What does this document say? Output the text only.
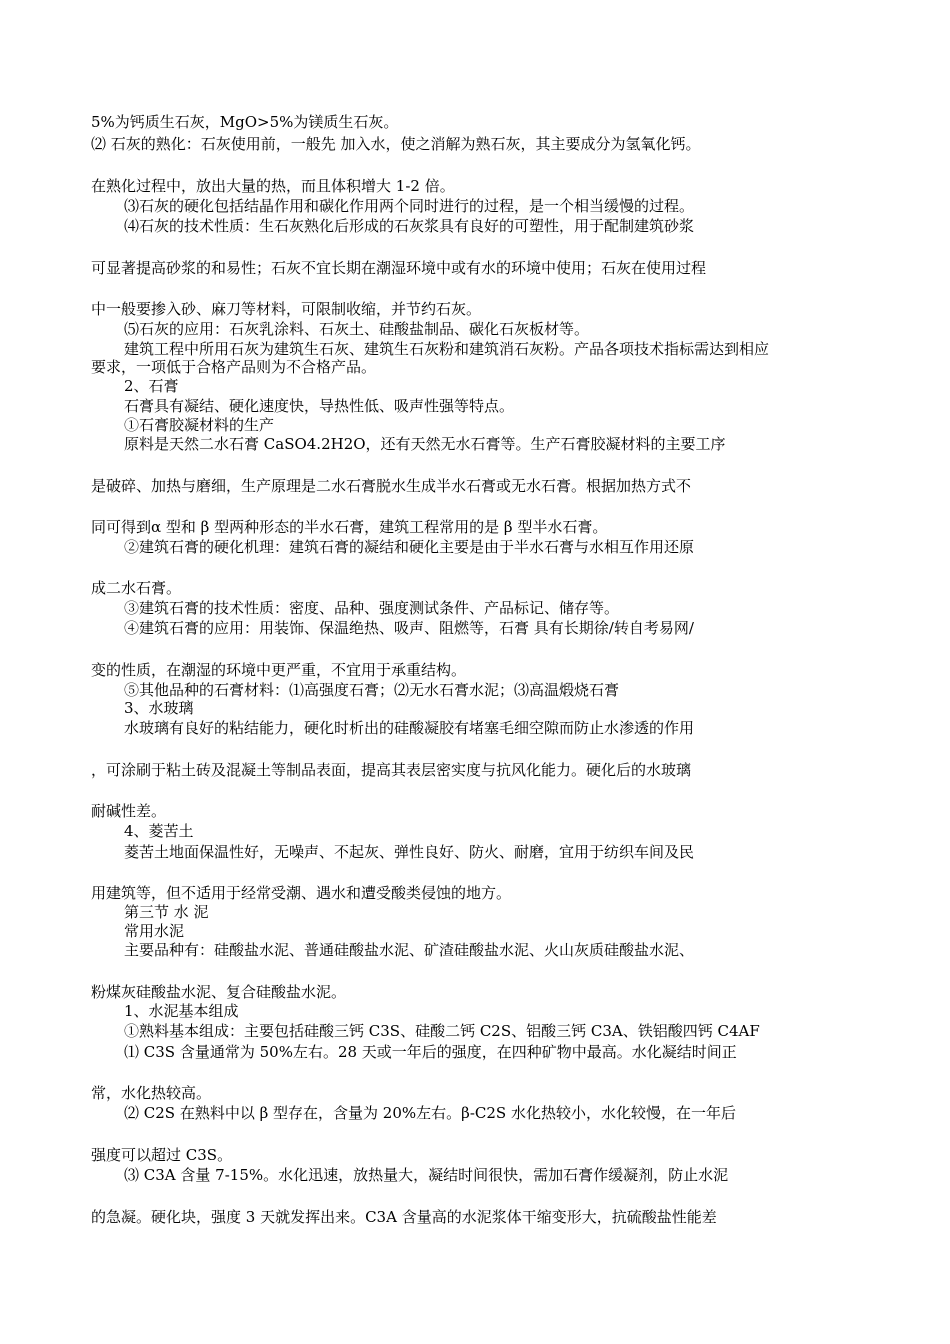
5%为钙质生石灰，MgO>5%为镁质生石灰。
⑵ 石灰的熟化：石灰使用前，一般先 加入水，使之消解为熟石灰，其主要成分为氢氧化钙。
在熟化过程中，放出大量的热，而且体积增大 1-2 倍。
⑶石灰的硬化包括结晶作用和碳化作用两个同时进行的过程，是一个相当缓慢的过程。
⑷石灰的技术性质：生石灰熟化后形成的石灰浆具有良好的可塑性，用于配制建筑砂浆
可显著提高砂浆的和易性；石灰不宜长期在潮湿环境中或有水的环境中使用；石灰在使用过程
中一般要掺入砂、麻刀等材料，可限制收缩，并节约石灰。
⑸石灰的应用：石灰乳涂料、石灰土、硅酸盐制品、碳化石灰板材等。
建筑工程中所用石灰为建筑生石灰、建筑生石灰粉和建筑消石灰粉。产品各项技术指标需达到相应
要求，一项低于合格产品则为不合格产品。
2、石膏
石膏具有凝结、硬化速度快，导热性低、吸声性强等特点。
①石膏胶凝材料的生产
原料是天然二水石膏 CaSO4.2H2O，还有天然无水石膏等。生产石膏胶凝材料的主要工序
是破碎、加热与磨细，生产原理是二水石膏脱水生成半水石膏或无水石膏。根据加热方式不
同可得到α 型和 β 型两种形态的半水石膏，建筑工程常用的是 β 型半水石膏。
②建筑石膏的硬化机理：建筑石膏的凝结和硬化主要是由于半水石膏与水相互作用还原
成二水石膏。
③建筑石膏的技术性质：密度、品种、强度测试条件、产品标记、储存等。
④建筑石膏的应用：用装饰、保温绝热、吸声、阻燃等，石膏 具有长期徐/转自考易网/
变的性质，在潮湿的环境中更严重，不宜用于承重结构。
⑤其他品种的石膏材料：⑴高强度石膏；⑵无水石膏水泥；⑶高温煅烧石膏
3、水玻璃
水玻璃有良好的粘结能力，硬化时析出的硅酸凝胶有堵塞毛细空隙而防止水渗透的作用
，可涂刷于粘土砖及混凝土等制品表面，提高其表层密实度与抗风化能力。硬化后的水玻璃
耐碱性差。
4、菱苦土
菱苦土地面保温性好，无噪声、不起灰、弹性良好、防火、耐磨，宜用于纺织车间及民
用建筑等，但不适用于经常受潮、遇水和遭受酸类侵蚀的地方。
第三节 水 泥
常用水泥
主要品种有：硅酸盐水泥、普通硅酸盐水泥、矿渣硅酸盐水泥、火山灰质硅酸盐水泥、
粉煤灰硅酸盐水泥、复合硅酸盐水泥。
1、水泥基本组成
①熟料基本组成：主要包括硅酸三钙 C3S、硅酸二钙 C2S、铝酸三钙 C3A、铁铝酸四钙 C4AF
⑴ C3S 含量通常为 50%左右。28 天或一年后的强度，在四种矿物中最高。水化凝结时间正
常，水化热较高。
⑵ C2S 在熟料中以 β 型存在，含量为 20%左右。β-C2S 水化热较小，水化较慢，在一年后
强度可以超过 C3S。
⑶ C3A 含量 7-15%。水化迅速，放热量大，凝结时间很快，需加石膏作缓凝剂，防止水泥
的急凝。硬化块，强度 3 天就发挥出来。C3A 含量高的水泥浆体干缩变形大，抗硫酸盐性能差
